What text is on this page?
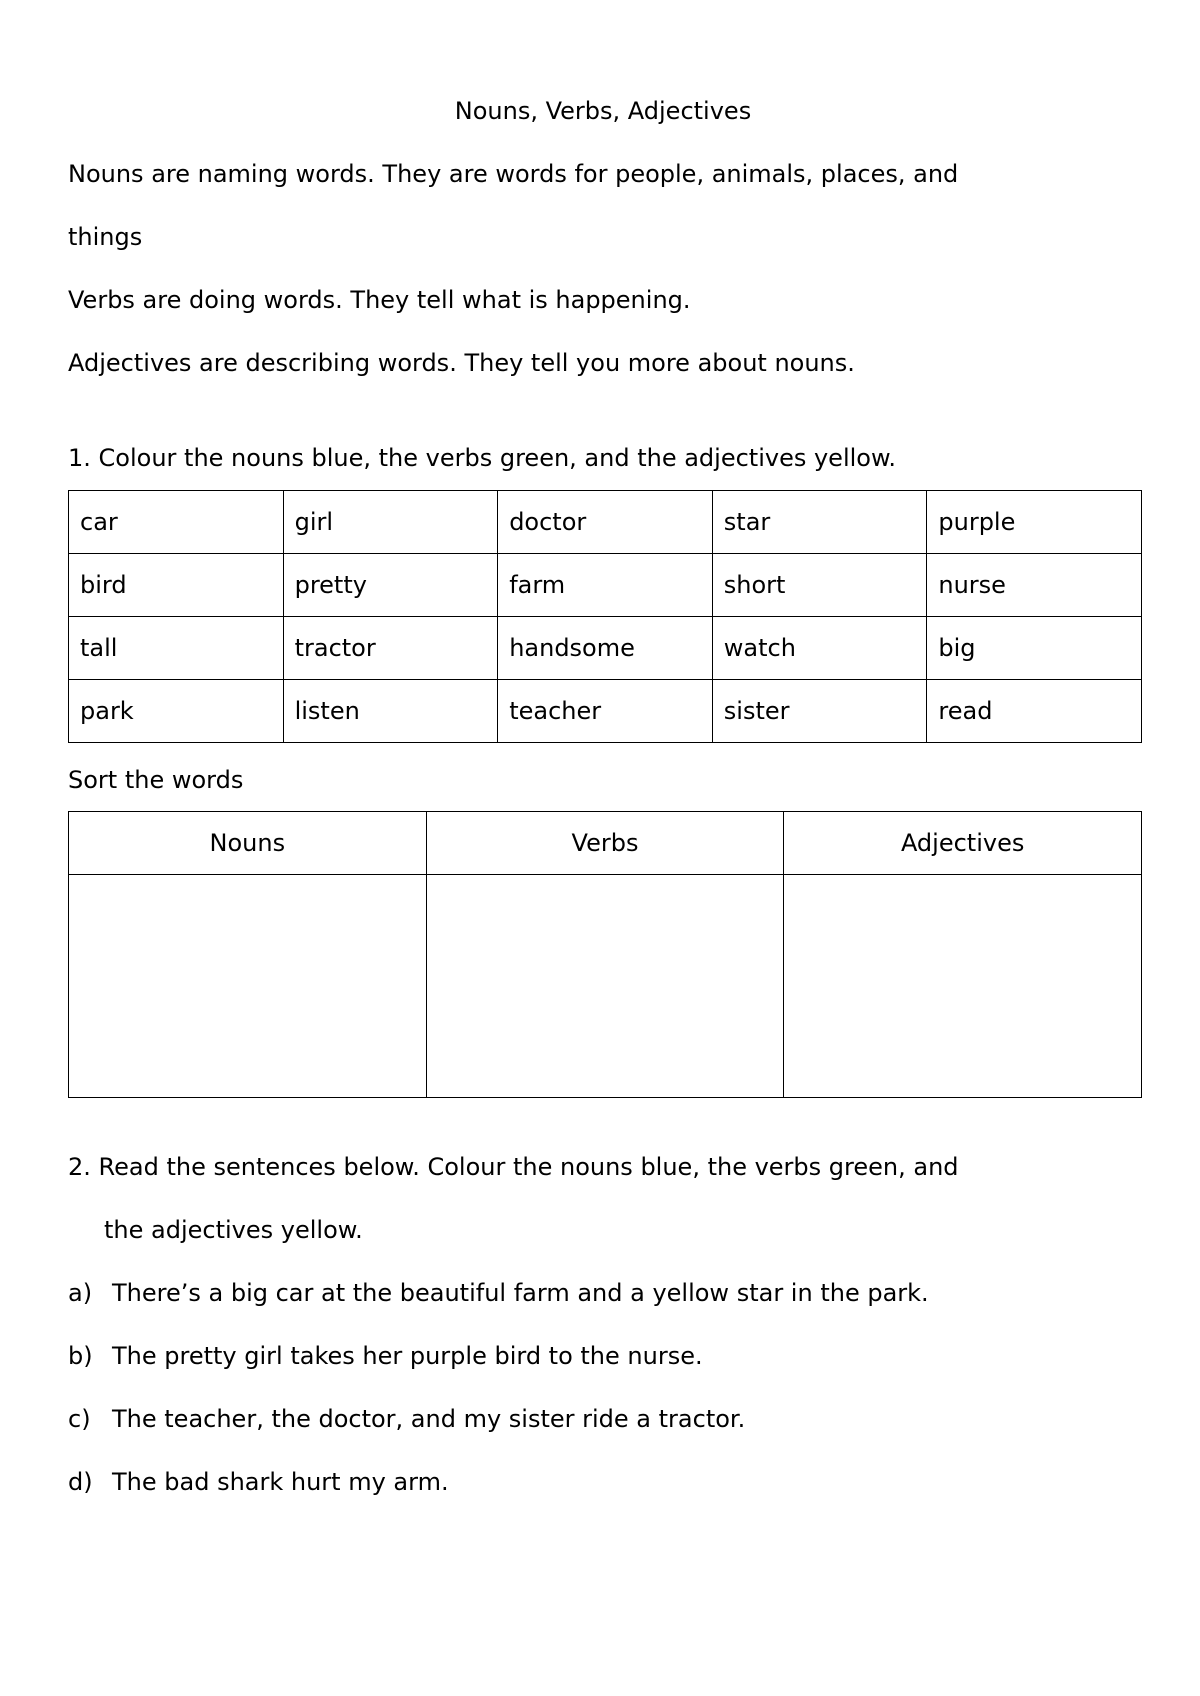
Nouns, Verbs, Adjectives
Nouns are naming words. They are words for people, animals, places, and
things
Verbs are doing words. They tell what is happening.
Adjectives are describing words. They tell you more about nouns.
1. Colour the nouns blue, the verbs green, and the adjectives yellow.
car	girl	doctor	star	purple
bird	pretty	farm	short	nurse
tall	tractor	handsome	watch	big
park	listen	teacher	sister	read
Sort the words
Nouns	Verbs	Adjectives

2. Read the sentences below. Colour the nouns blue, the verbs green, and
the adjectives yellow.
a) There’s a big car at the beautiful farm and a yellow star in the park.
b) The pretty girl takes her purple bird to the nurse.
c) The teacher, the doctor, and my sister ride a tractor.
d) The bad shark hurt my arm.
